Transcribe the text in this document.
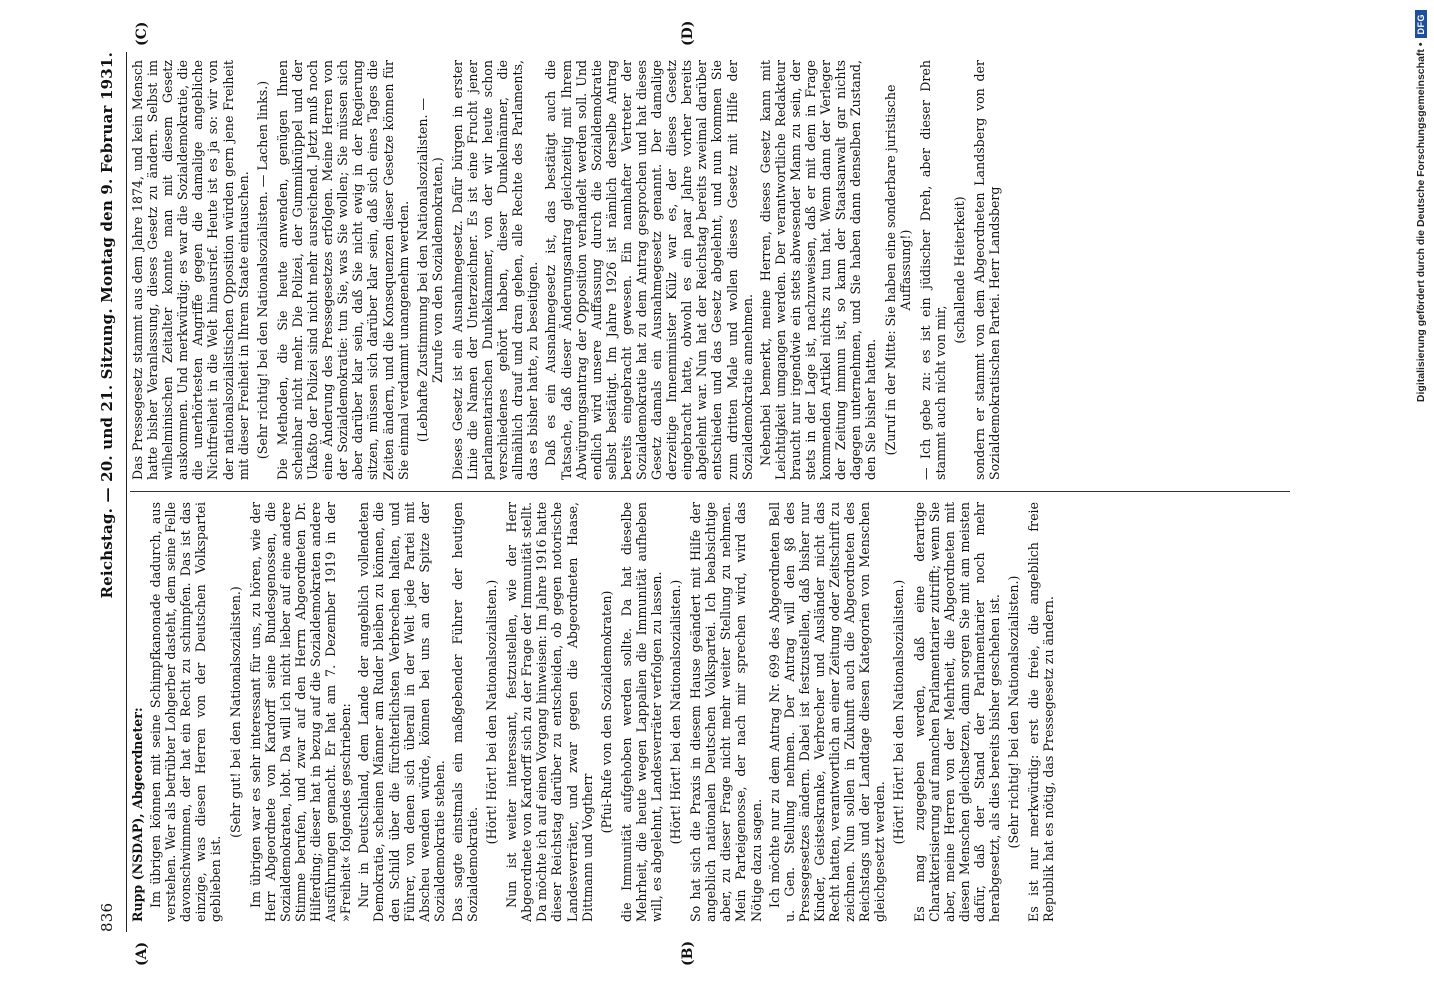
836
Reichstag. — 20. und 21. Sitzung. Montag den 9. Februar 1931.
(A)	(B)
(C)	(D)

Rupp (NSDAP), Abgeordneter: Im übrigen können mit seine Schimpfkanonade dadurch, aus verstehen. Wer als betrübter Lohgerber dasteht, dem seine Felle davonschwimmen, der hat ein Recht zu schimpfen. Das ist das einzige, was diesen Herren von der Deutschen Volkspartei geblieben ist.

(Sehr gut! bei den Nationalsozialisten.) Im übrigen war es sehr interessant für uns, zu hören, wie der Herr Abgeordnete von Kardorff seine Bundesgenossen, die Sozialdemokraten, lobt. Da will ich nicht lieber auf eine andere Stimme berufen, und zwar auf den Herrn Abgeordneten Dr. Hilferding; dieser hat in bezug auf die Sozialdemokraten andere Ausführungen gemacht. Er hat am 7. Dezember 1919 in der »Freiheit« folgendes geschrieben: Nur in Deutschland, dem Lande der angeblich vollendeten Demokratie, scheinen Männer am Ruder bleiben zu können, die den Schild über die fürchterlichsten Verbrechen halten, und Führer, von denen sich überall in der Welt jede Partei mit Abscheu wenden würde, können bei uns an der Spitze der Sozialdemokratie stehen. Das sagte einstmals ein maßgebender Führer der heutigen Sozialdemokratie.

(Hört! Hört! bei den Nationalsozialisten.) Nun ist weiter interessant, festzustellen, wie der Herr Abgeordnete von Kardorff sich zu der Frage der Immunität stellt. Da möchte ich auf einen Vorgang hinweisen: Im Jahre 1916 hatte dieser Reichstag darüber zu entscheiden, ob gegen notorische Landesverräter, und zwar gegen die Abgeordneten Haase, Dittmann und Vogtherr

(Pfui-Rufe von den Sozialdemokraten) die Immunität aufgehoben werden sollte. Da hat dieselbe Mehrheit, die heute wegen Lappalien die Immunität aufheben will, es abgelehnt, Landesverräter verfolgen zu lassen. (Hört! Hört! bei den Nationalsozialisten.) So hat sich die Praxis in diesem Hause geändert mit Hilfe der angeblich nationalen Deutschen Volkspartei. Ich beabsichtige aber, zu dieser Frage nicht mehr weiter Stellung zu nehmen. Mein Parteigenosse, der nach mir sprechen wird, wird das Nötige dazu sagen. Ich möchte nur zu dem Antrag Nr. 699 des Abgeordneten Bell u. Gen. Stellung nehmen. Der Antrag will den §8 des Pressegesetzes ändern. Dabei ist festzustellen, daß bisher nur Kinder, Geisteskranke, Verbrecher und Ausländer nicht das Recht hatten, verantwortlich an einer Zeitung oder Zeitschrift zu zeichnen. Nun sollen in Zukunft auch die Abgeordneten des Reichstags und der Landtage diesen Kategorien von Menschen gleichgesetzt werden.

(Hört! Hört! bei den Nationalsozialisten.) Es mag zugegeben werden, daß eine derartige Charakterisierung auf manchen Parlamentarier zutrifft; wenn Sie aber, meine Herren von der Mehrheit, die Abgeordneten mit diesen Menschen gleichsetzen, dann sorgen Sie mit am meisten dafür, daß der Stand der Parlamentarier noch mehr herabgesetzt, als dies bereits bisher geschehen ist. (Sehr richtig! bei den Nationalsozialisten.) Es ist nur merkwürdig: erst die freie, die angeblich freie Republik hat es nötig, das Pressegesetz zu ändern.

Das Pressegesetz stammt aus dem Jahre 1874, und kein Mensch hatte bisher Veranlassung, dieses Gesetz zu ändern. Selbst im wilhelminischen Zeitalter konnte man mit diesem Gesetz auskommen. Und merkwürdig: es war die Sozialdemokratie, die die unerhörtesten Angriffe gegen die damalige angebliche Nichtfreiheit in die Welt hinausrief. Heute ist es ja so: wir von der nationalsozialistischen Opposition würden gern jene Freiheit mit dieser Freiheit in Ihrem Staate eintauschen. (Sehr richtig! bei den Nationalsozialisten. — Lachen links.) Die Methoden, die Sie heute anwenden, genügen Ihnen scheinbar nicht mehr. Die Polizei, der Gummiknüppel und der Ukaßto der Polizei sind nicht mehr ausreichend. Jetzt muß noch eine Änderung des Pressegesetzes erfolgen. Meine Herren von der Sozialdemokratie: tun Sie, was Sie wollen; Sie müssen sich aber darüber klar sein, daß Sie nicht ewig in der Regierung sitzen, müssen sich darüber klar sein, daß sich eines Tages die Zeiten ändern, und die Konsequenzen dieser Gesetze können für Sie einmal verdammt unangenehm werden. (Lebhafte Zustimmung bei den Nationalsozialisten. — Zurufe von den Sozialdemokraten.) Dieses Gesetz ist ein Ausnahmegesetz. Dafür bürgen in erster Linie die Namen der Unterzeichner. Es ist eine Frucht jener parlamentarischen Dunkelkammer, von der wir heute schon verschiedenes gehört haben, dieser Dunkelmänner, die allmählich drauf und dran gehen, alle Rechte des Parlaments, das es bisher hatte, zu beseitigen. Daß es ein Ausnahmegesetz ist, das bestätigt auch die Tatsache, daß dieser Änderungsantrag gleichzeitig mit Ihrem Abwürgungsantrag der Opposition verhandelt werden soll. Und endlich wird unsere Auffassung durch die Sozialdemokratie selbst bestätigt. Im Jahre 1926 ist nämlich derselbe Antrag bereits eingebracht gewesen. Ein namhafter Vertreter der Sozialdemokratie hat zu dem Antrag gesprochen und hat dieses Gesetz damals ein Ausnahmegesetz genannt. Der damalige derzeitige Innenminister Külz war es, der dieses Gesetz eingebracht hatte, obwohl es ein paar Jahre vorher bereits abgelehnt war. Nun hat der Reichstag bereits zweimal darüber entschieden und das Gesetz abgelehnt, und nun kommen Sie zum dritten Male und wollen dieses Gesetz mit Hilfe der Sozialdemokratie annehmen. Nebenbei bemerkt, meine Herren, dieses Gesetz kann mit Leichtigkeit umgangen werden. Der verantwortliche Redakteur braucht nur irgendwie ein stets abwesender Mann zu sein, der stets in der Lage ist, nachzuweisen, daß er mit dem in Frage kommenden Artikel nichts zu tun hat. Wenn dann der Verleger der Zeitung immun ist, so kann der Staatsanwalt gar nichts dagegen unternehmen, und Sie haben dann denselben Zustand, den Sie bisher hatten. (Zuruf in der Mitte: Sie haben eine sonderbare juristische Auffassung!) — Ich gebe zu: es ist ein jüdischer Dreh, aber dieser Dreh stammt auch nicht von mir,

(schallende Heiterkeit) sondern er stammt von dem Abgeordneten Landsberg von der Sozialdemokratischen Partei. Herr Landsberg	Digitalisierung gefördert durch die Deutsche Forschungsgemeinschaft •
DFG
